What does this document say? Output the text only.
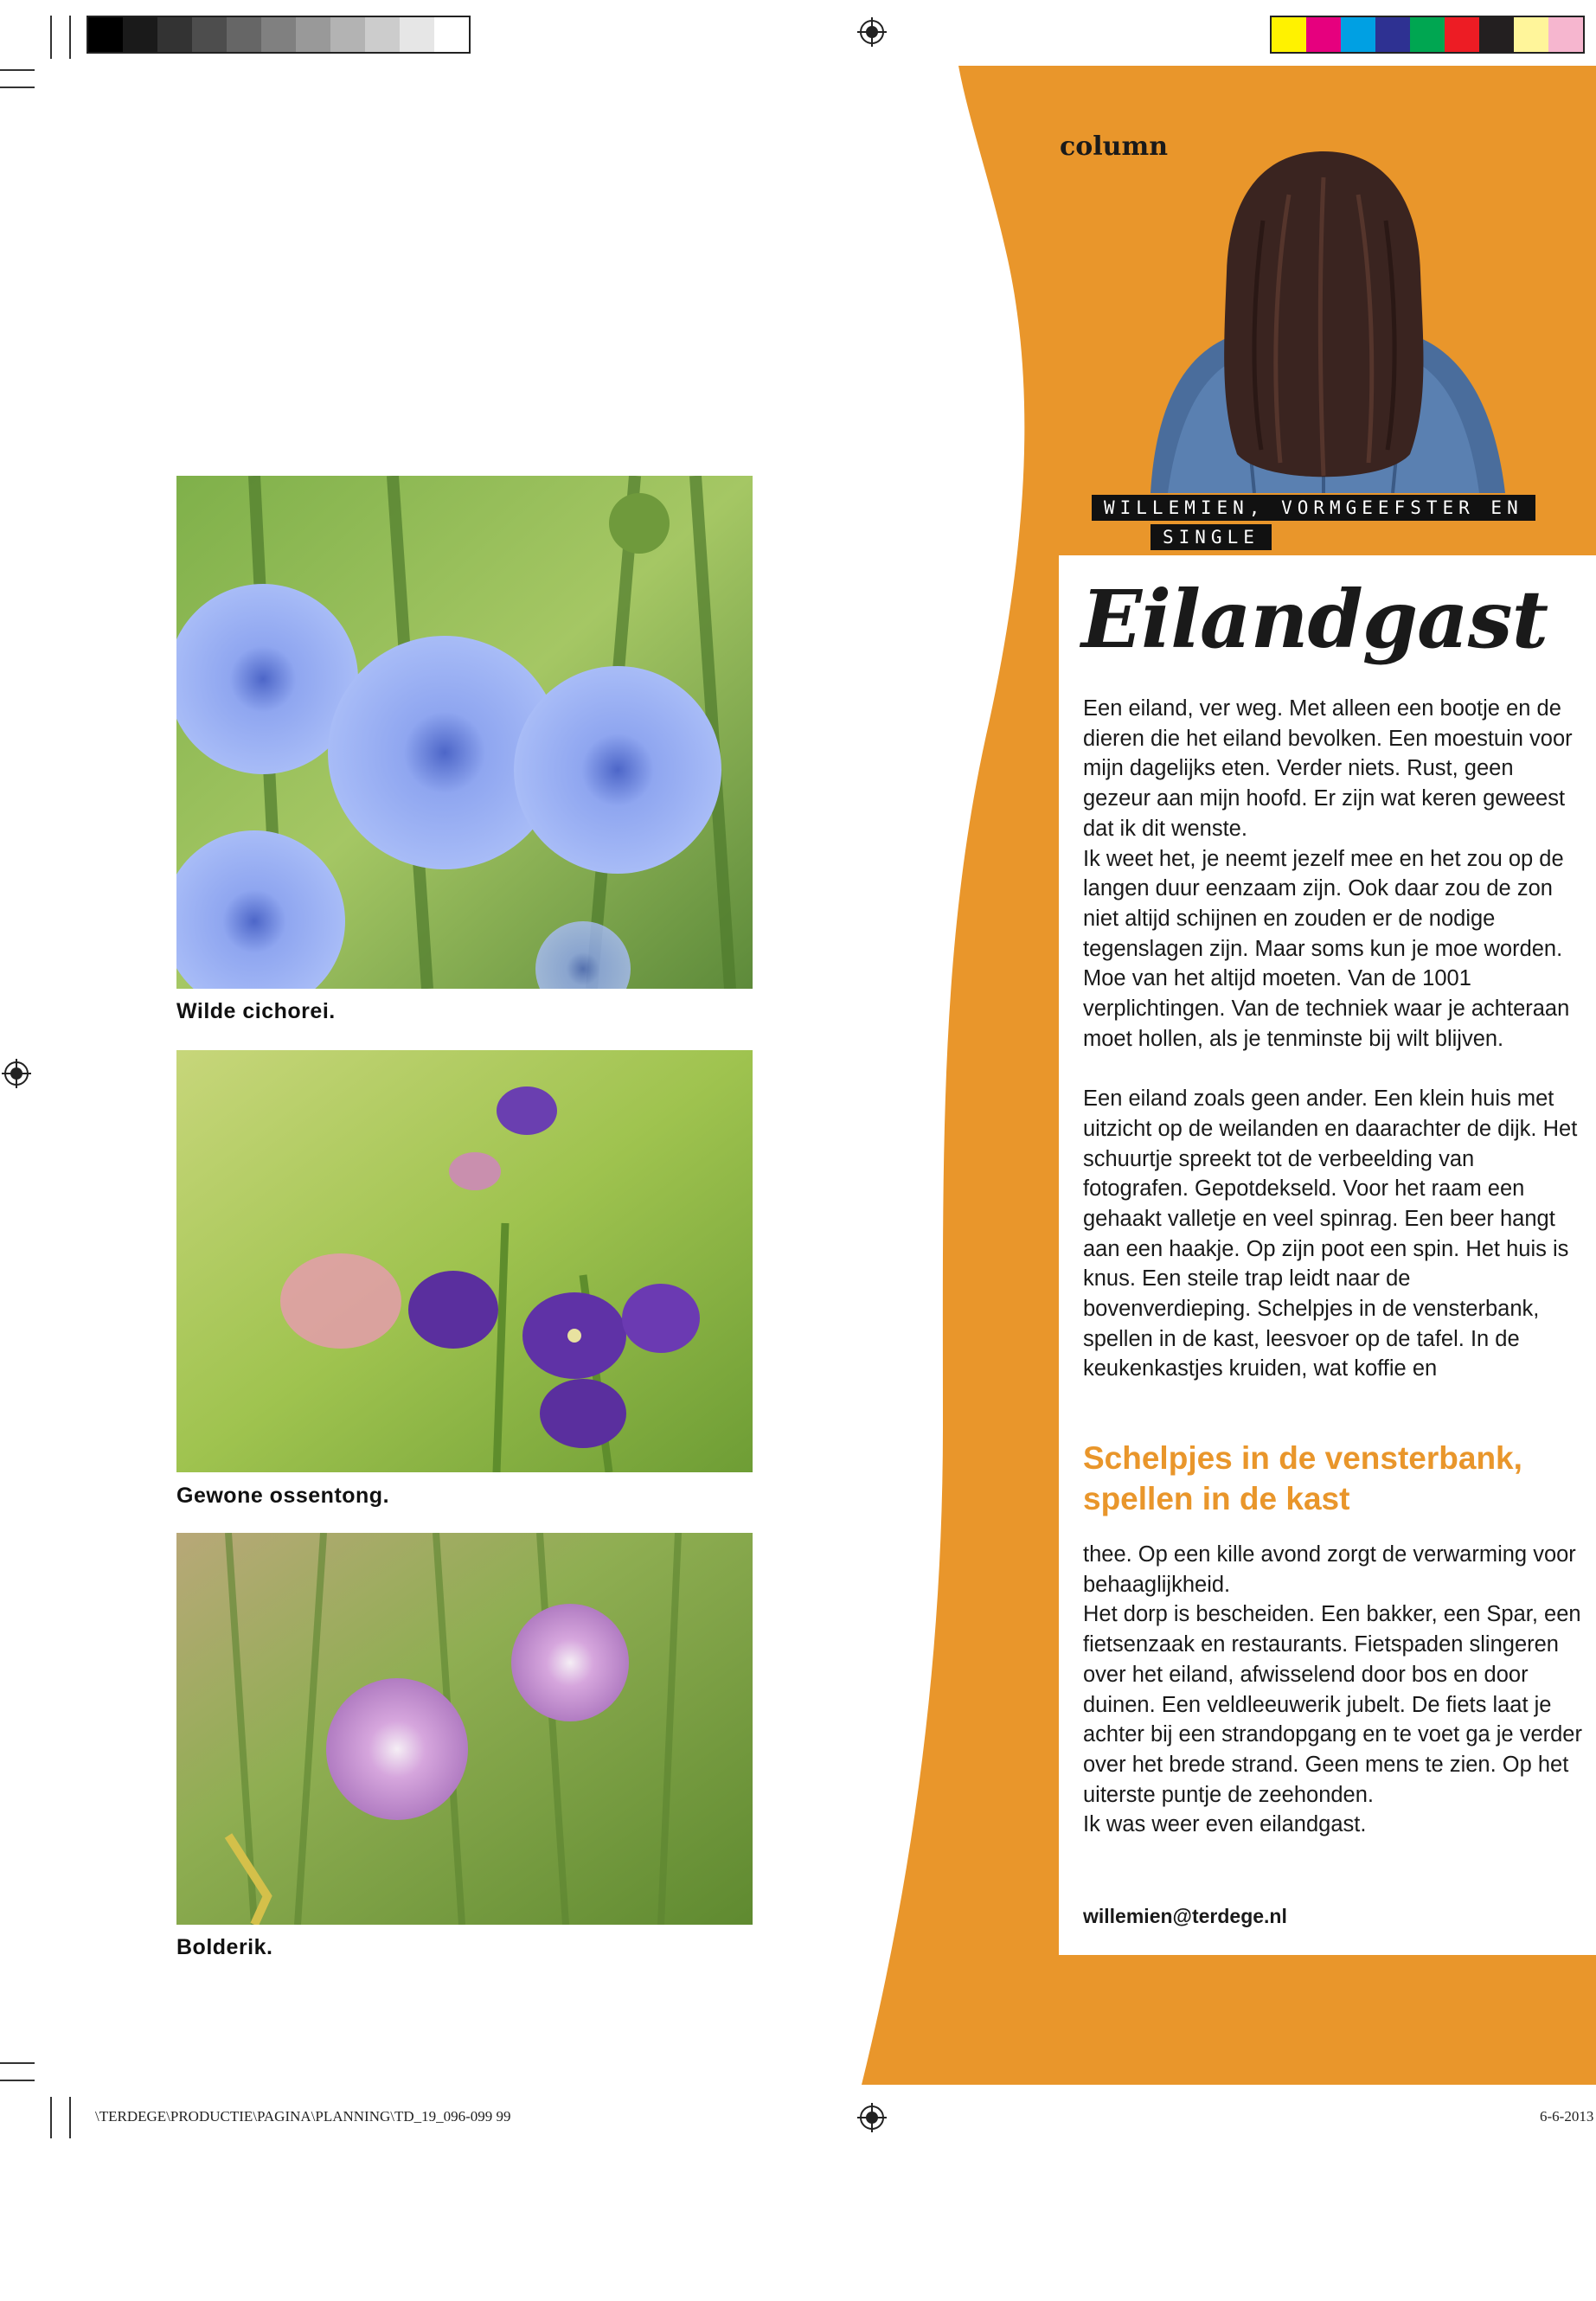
column
WILLEMIEN, VORMGEEFSTER EN
SINGLE
Eilandgast

Een eiland, ver weg. Met alleen een bootje en de dieren die het eiland bevolken. Een moestuin voor mijn dagelijks eten. Verder niets. Rust, geen gezeur aan mijn hoofd. Er zijn wat keren geweest dat ik dit wenste.

Ik weet het, je neemt jezelf mee en het zou op de langen duur eenzaam zijn. Ook daar zou de zon niet altijd schijnen en zouden er de nodige tegenslagen zijn. Maar soms kun je moe worden. Moe van het altijd moeten. Van de 1001 verplichtingen. Van de techniek waar je achteraan moet hollen, als je tenminste bij wilt blijven.

Een eiland zoals geen ander. Een klein huis met uitzicht op de weilanden en daarachter de dijk. Het schuurtje spreekt tot de verbeelding van fotografen. Gepotdekseld. Voor het raam een gehaakt valletje en veel spinrag. Een beer hangt aan een haakje. Op zijn poot een spin. Het huis is knus. Een steile trap leidt naar de bovenverdieping. Schelpjes in de vensterbank, spellen in de kast, leesvoer op de tafel. In de keukenkastjes kruiden, wat koffie en

Schelpjes in de vensterbank, spellen in de kast

thee. Op een kille avond zorgt de verwarming voor behaaglijkheid.

Het dorp is bescheiden. Een bakker, een Spar, een fietsenzaak en restaurants. Fietspaden slingeren over het eiland, afwisselend door bos en door duinen. Een veldleeuwerik jubelt. De fiets laat je achter bij een strandopgang en te voet ga je verder over het brede strand. Geen mens te zien. Op het uiterste puntje de zeehonden.

Ik was weer even eilandgast.

willemien@terdege.nl
Wilde cichorei.
Gewone ossentong.
Bolderik.
\TERDEGE\PRODUCTIE\PAGINA\PLANNING\TD_19_096-099 99	6-6-2013
